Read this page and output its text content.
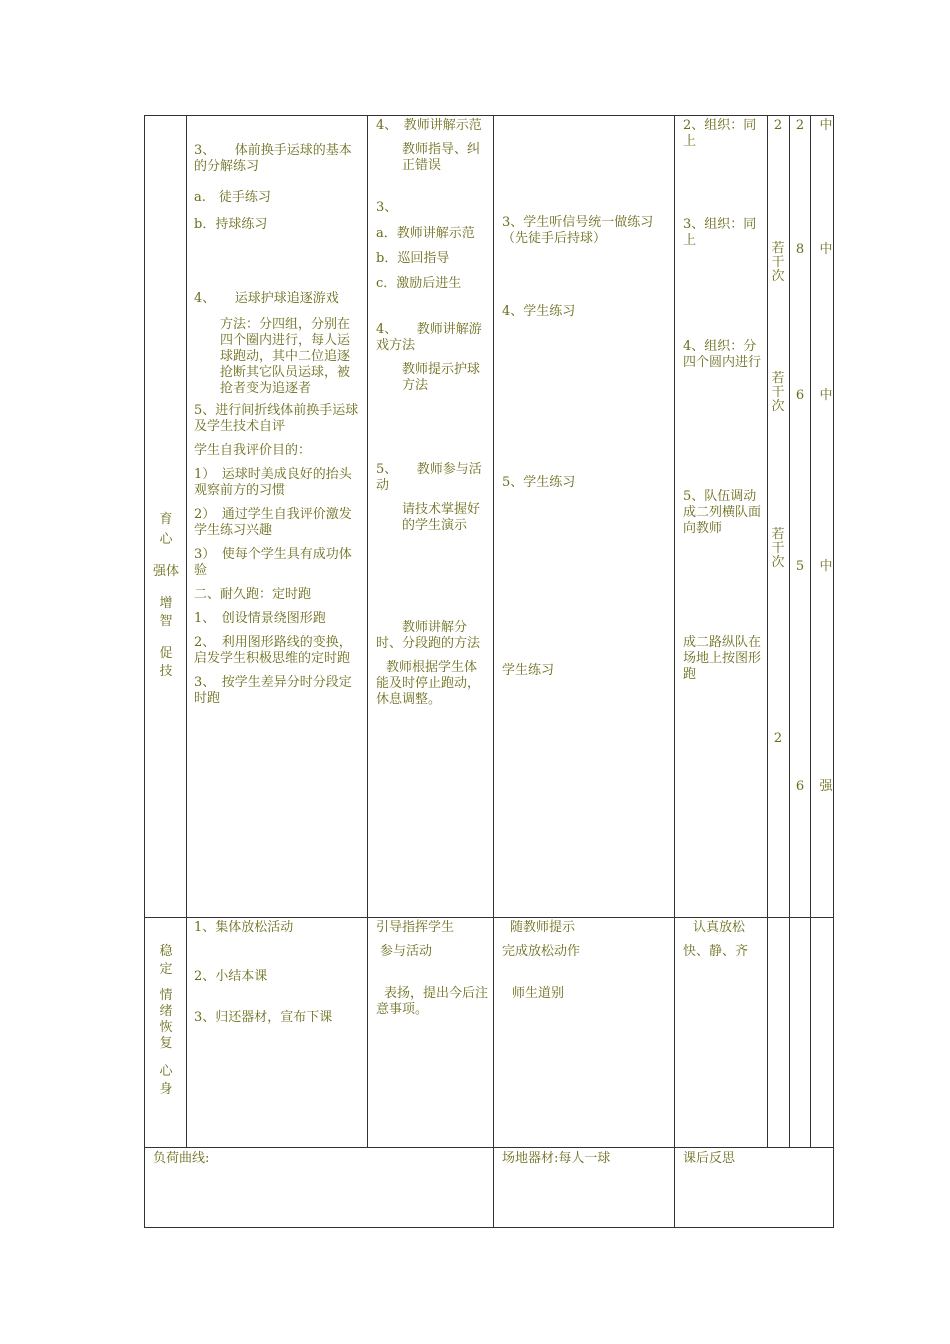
育

心

强体

增

智

促

技

3、　　体前换手运球的基本的分解练习

a.　徒手练习

b．持球练习

4、　　运球护球追逐游戏

方法：分四组，分别在四个圈内进行，每人运球跑动，其中二位追逐抢断其它队员运球，被抢者变为追逐者

5、进行间折线体前换手运球及学生技术自评

学生自我评价目的：

1）　运球时美成良好的抬头观察前方的习惯

2）　通过学生自我评价激发学生练习兴趣

3）　使每个学生具有成功体验

二、耐久跑：定时跑

1、　创设情景绕图形跑

2、　利用图形路线的变换，启发学生积极思维的定时跑

3、　按学生差异分时分段定时跑

4、　教师讲解示范

教师指导、纠正错误

3、

a．教师讲解示范

b．巡回指导

c．激励后进生

4、　　教师讲解游戏方法

教师提示护球方法

5、　　教师参与活动

请技术掌握好的学生演示

教师讲解分时、分段跑的方法

教师根据学生体能及时停止跑动，休息调整。

3、学生听信号统一做练习（先徒手后持球）

4、学生练习

5、学生练习

学生练习

2、组织：同上

3、组织：同上

4、组织：分四个圆内进行

5、队伍调动成二列横队面向教师

成二路纵队在场地上按图形跑

2
若干次
若干次
若干次
2
2
8
6
5
6
中
中
中
中
强

稳

定

情

绪

恢

复

心

身

1、集体放松活动

2、小结本课

3、归还器材，宣布下课

引导指挥学生

参与活动

表扬，提出今后注意事项。

随教师提示

完成放松动作

师生道别

认真放松

快、静、齐

负荷曲线:	场地器材:每人一球	课后反思
